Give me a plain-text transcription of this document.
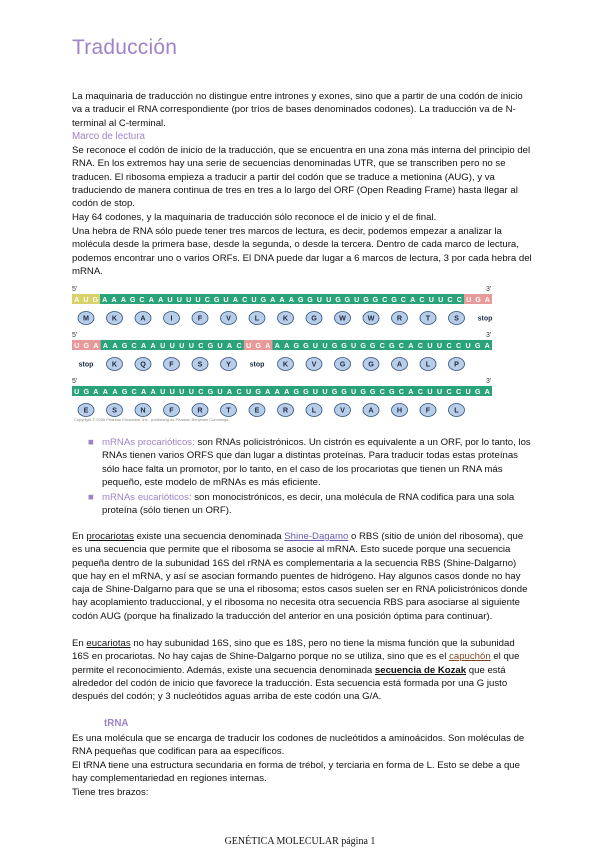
Traducción

La maquinaria de traducción no distingue entre intrones y exones, sino que a partir de una codón de inicio va a traducir el RNA correspondiente (por tríos de bases denominados codones). La traducción va de N-terminal al C-terminal.

Marco de lectura

Se reconoce el codón de inicio de la traducción, que se encuentra en una zona más interna del principio del RNA. En los extremos hay una serie de secuencias denominadas UTR, que se transcriben pero no se traducen. El ribosoma empieza a traducir a partir del codón que se traduce a metionina (AUG), y va traduciendo de manera continua de tres en tres a lo largo del ORF (Open Reading Frame) hasta llegar al codón de stop.

Hay 64 codones, y la maquinaria de traducción sólo reconoce el de inicio y el de final.

Una hebra de RNA sólo puede tener tres marcos de lectura, es decir, podemos empezar a analizar la molécula desde la primera base, desde la segunda, o desde la tercera. Dentro de cada marco de lectura, podemos encontrar uno o varios ORFs. El DNA puede dar lugar a 6 marcos de lectura, 3 por cada hebra del mRNA.

5'	3'
A U G A A A G C A A U U U U C G U A C U G A A A G G U U G G U G G C G C A C U U C C U G A
M	K	A	I	F	V	L	K	G	W	W	R	T	S	stop
5'	3'
U G A A A G C A A U U U U C G U A C U G A A A G G U U G G U G G C G C A C U U C C U G A
stop	K	Q	F	S	Y	stop	K	V	G	G	A	L	P
5'	3'
U G A A A G C A A U U U U C G U A C U G A A A G G U U G G U G G C G C A C U U C C U G A
E	S	N	F	R	T	E	R	L	V	A	H	F	L
Copyright © 2006 Pearson Education, Inc., publishing as Pearson Benjamin Cummings
■ mRNAs procarióticos: son RNAs policistrónicos. Un cistrón es equivalente a un ORF, por lo tanto, los RNAs tienen varios ORFS que dan lugar a distintas proteínas. Para traducir todas estas proteínas sólo hace falta un promotor, por lo tanto, en el caso de los procariotas que tienen un RNA más pequeño, este modelo de mRNAs es más eficiente.
■ mRNAs eucarióticos: son monocistrónicos, es decir, una molécula de RNA codifica para una sola proteína (sólo tienen un ORF).

En procariotas existe una secuencia denominada Shine-Dagamo o RBS (sitio de unión del ribosoma), que es una secuencia que permite que el ribosoma se asocie al mRNA. Esto sucede porque una secuencia pequeña dentro de la subunidad 16S del rRNA es complementaria a la secuencia RBS (Shine-Dalgarno) que hay en el mRNA, y así se asocian formando puentes de hidrógeno. Hay algunos casos donde no hay caja de Shine-Dalgarno para que se una el ribosoma; estos casos suelen ser en RNA policistrónicos donde hay acoplamiento traduccional, y el ribosoma no necesita otra secuencia RBS para asociarse al siguiente codón AUG (porque ha finalizado la traducción del anterior en una posición óptima para continuar).

En eucariotas no hay subunidad 16S, sino que es 18S, pero no tiene la misma función que la subunidad 16S en procariotas. No hay cajas de Shine-Dalgarno porque no se utiliza, sino que es el capuchón el que permite el reconocimiento. Además, existe una secuencia denominada secuencia de Kozak que está alrededor del codón de inicio que favorece la traducción. Esta secuencia está formada por una G justo después del codón; y 3 nucleótidos aguas arriba de este codón una G/A.

tRNA

Es una molécula que se encarga de traducir los codones de nucleótidos a aminoácidos. Son moléculas de RNA pequeñas que codifican para aa específicos.

El tRNA tiene una estructura secundaria en forma de trébol, y terciaria en forma de L. Esto se debe a que hay complementariedad en regiones internas.

Tiene tres brazos:

GENÉTICA MOLECULAR página 1
